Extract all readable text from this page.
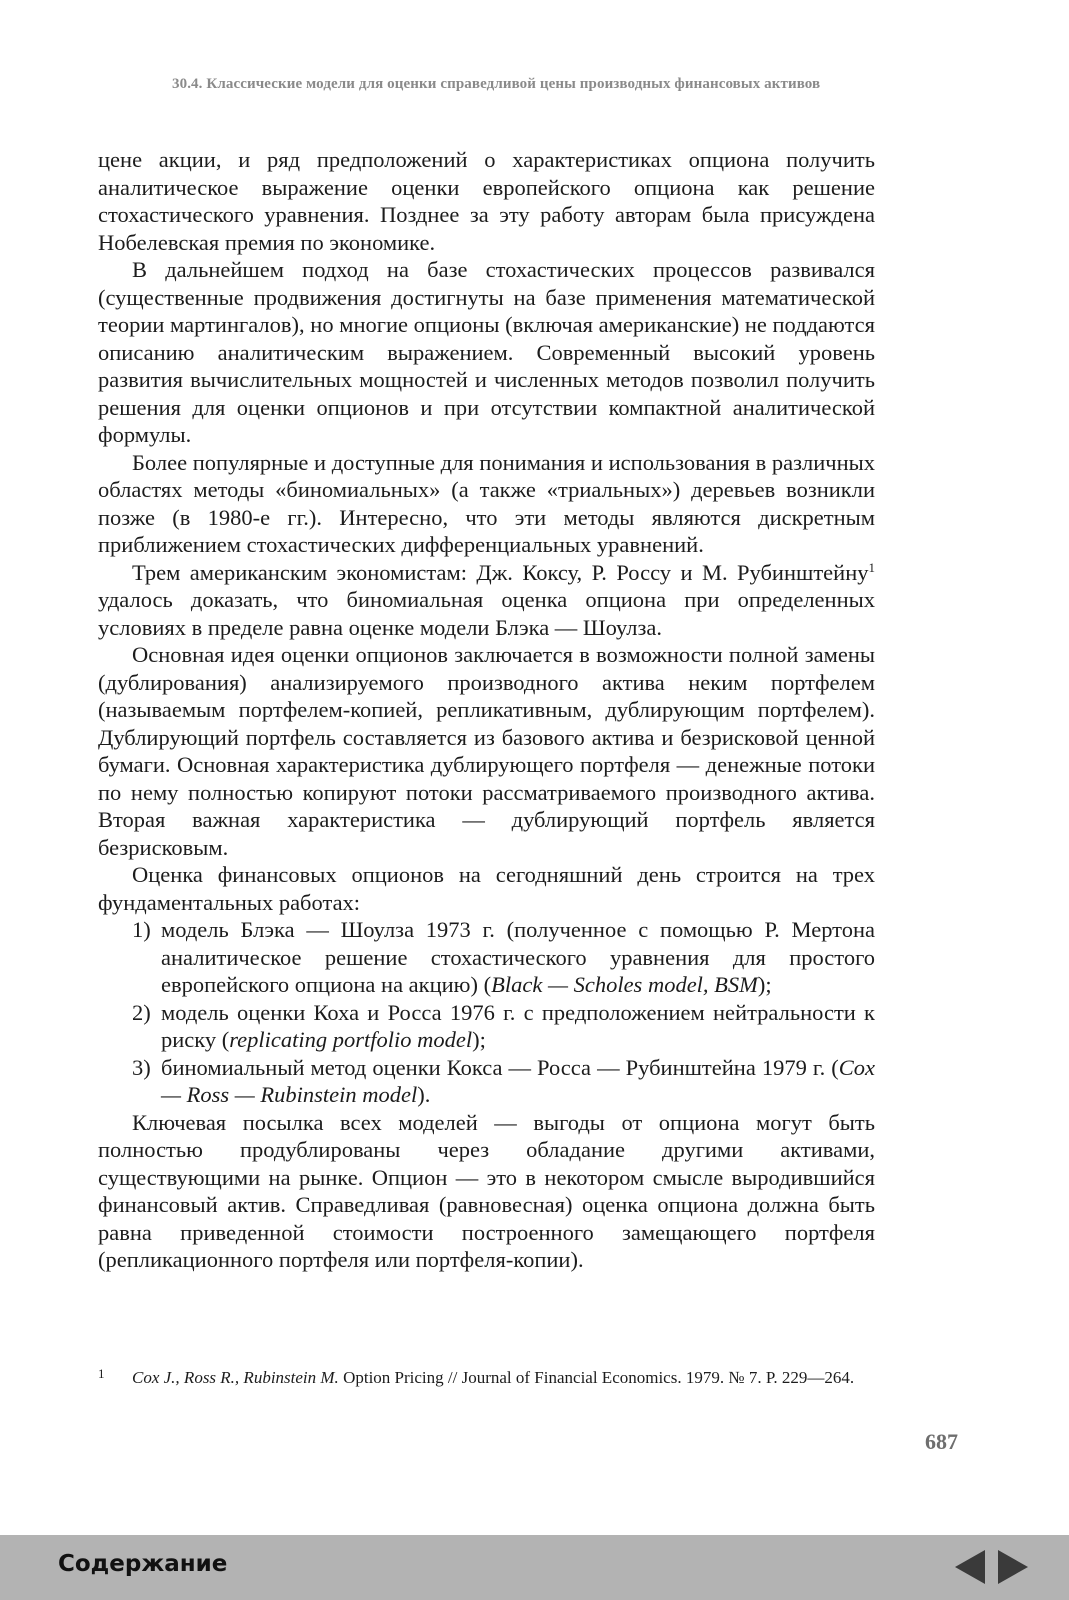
30.4. Классические модели для оценки справедливой цены производных финансовых активов

цене акции, и ряд предположений о характеристиках опциона получить аналитическое выражение оценки европейского опциона как решение стохастического уравнения. Позднее за эту работу авторам была присуждена Нобелевская премия по экономике.

В дальнейшем подход на базе стохастических процессов развивался (существенные продвижения достигнуты на базе применения математической теории мартингалов), но многие опционы (включая американские) не поддаются описанию аналитическим выражением. Современный высокий уровень развития вычислительных мощностей и численных методов позволил получить решения для оценки опционов и при отсутствии компактной аналитической формулы.

Более популярные и доступные для понимания и использования в различных областях методы «биномиальных» (а также «триальных») деревьев возникли позже (в 1980-е гг.). Интересно, что эти методы являются дискретным приближением стохастических дифференциальных уравнений.

Трем американским экономистам: Дж. Коксу, Р. Россу и М. Рубинштейну$^1$ удалось доказать, что биномиальная оценка опциона при определенных условиях в пределе равна оценке модели Блэка — Шоулза.

Основная идея оценки опционов заключается в возможности полной замены (дублирования) анализируемого производного актива неким портфелем (называемым портфелем-копией, репликативным, дублирующим портфелем). Дублирующий портфель составляется из базового актива и безрисковой ценной бумаги. Основная характеристика дублирующего портфеля — денежные потоки по нему полностью копируют потоки рассматриваемого производного актива. Вторая важная характеристика — дублирующий портфель является безрисковым.

Оценка финансовых опционов на сегодняшний день строится на трех фундаментальных работах:

1) модель Блэка — Шоулза 1973 г. (полученное с помощью Р. Мертона аналитическое решение стохастического уравнения для простого европейского опциона на акцию) (Black — Scholes model, BSM);
2) модель оценки Коха и Росса 1976 г. с предположением нейтральности к риску (replicating portfolio model);
3) биномиальный метод оценки Кокса — Росса — Рубинштейна 1979 г. (Cox — Ross — Rubinstein model).

Ключевая посылка всех моделей — выгоды от опциона могут быть полностью продублированы через обладание другими активами, существующими на рынке. Опцион — это в некотором смысле выродившийся финансовый актив. Справедливая (равновесная) оценка опциона должна быть равна приведенной стоимости построенного замещающего портфеля (репликационного портфеля или портфеля-копии).

1	Cox J., Ross R., Rubinstein M. Option Pricing // Journal of Financial Economics. 1979. № 7. P. 229—264.
687
Содержание
